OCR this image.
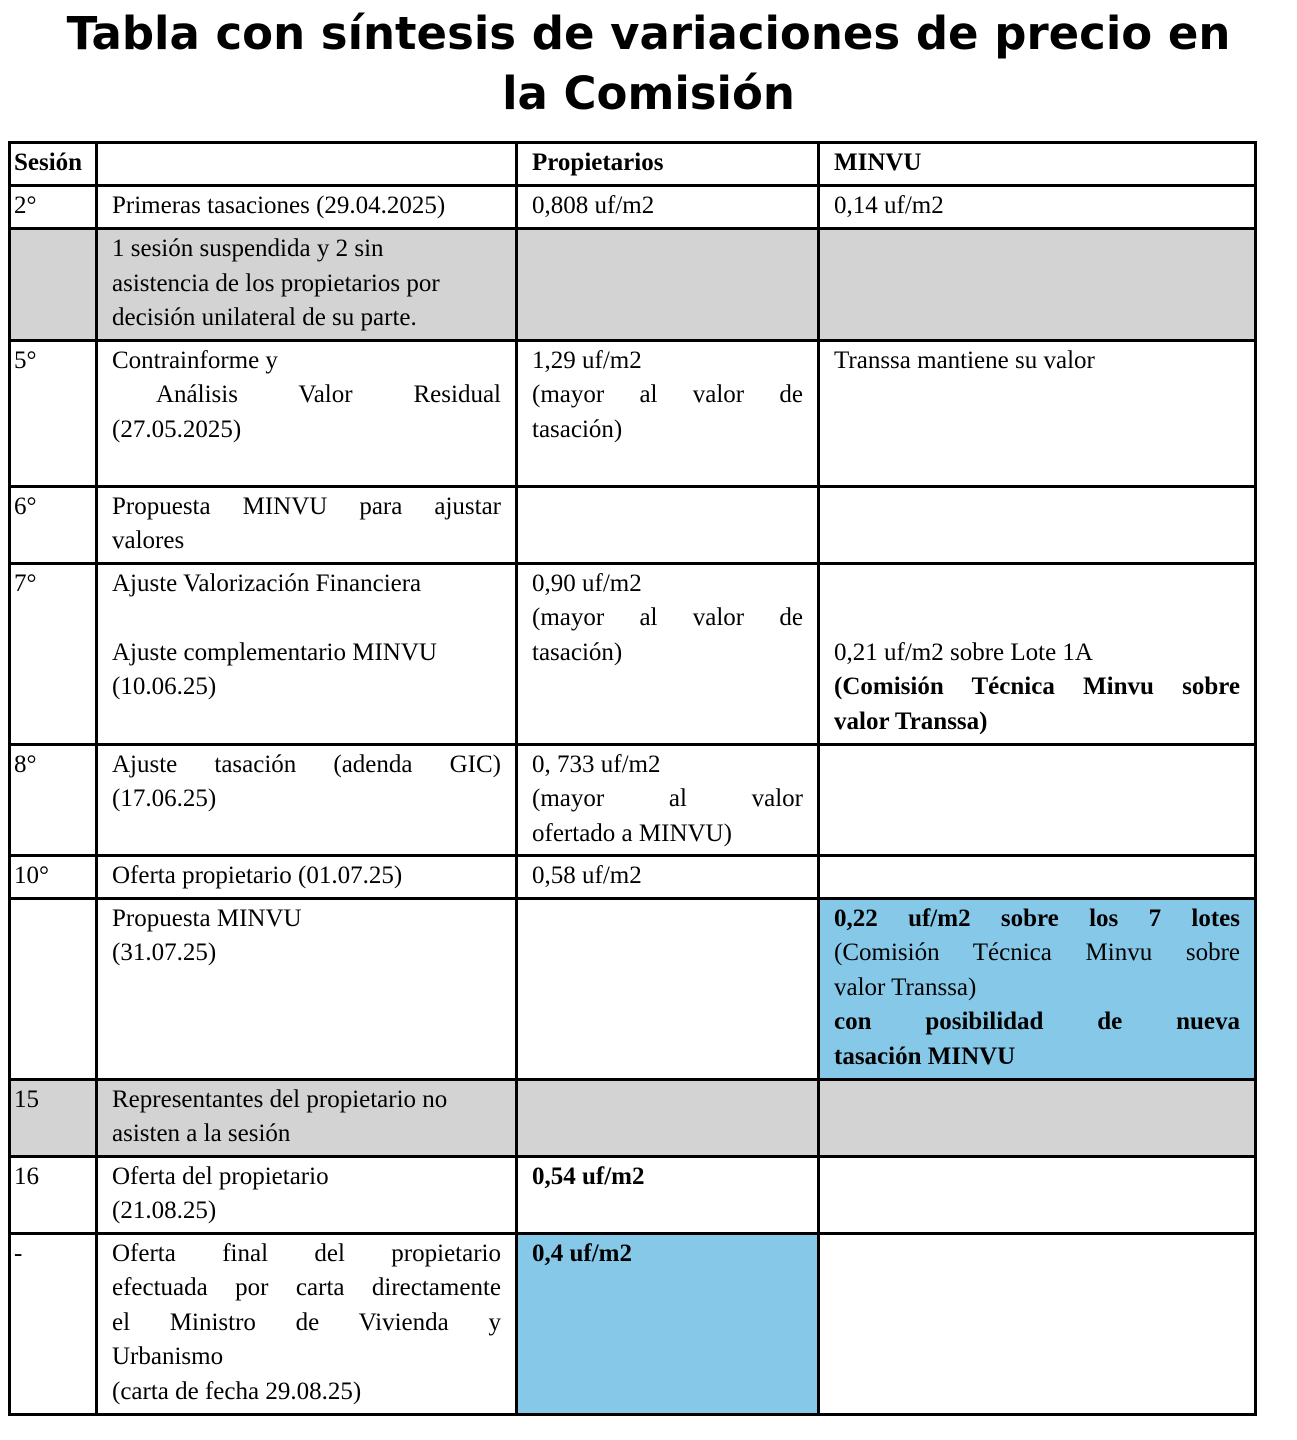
Tabla con síntesis de variaciones de precio en
la Comisión
Sesión		Propietarios	MINVU
2°	Primeras tasaciones (29.04.2025)	0,808 uf/m2	0,14 uf/m2

	1 sesión suspendida y 2 sin
asistencia de los propietarios por
decisión unilateral de su parte.		

5°	Contrainforme y
Análisis Valor Residual
(27.05.2025)	1,29 uf/m2
(mayor al valor de
tasación)	Transsa mantiene su valor

6°	Propuesta MINVU para ajustar
valores		

7°	Ajuste Valorización Financiera
Ajuste complementario MINVU
(10.06.25)	0,90 uf/m2
(mayor al valor de
tasación)	0,21 uf/m2 sobre Lote 1A
(Comisión Técnica Minvu sobre
valor Transsa)

8°	Ajuste tasación (adenda GIC)
(17.06.25)	0, 733 uf/m2
(mayor al valor
ofertado a MINVU)	

10°	Oferta propietario (01.07.25)	0,58 uf/m2	

	Propuesta MINVU
(31.07.25)		0,22 uf/m2 sobre los 7 lotes
(Comisión Técnica Minvu sobre
valor Transsa)
con posibilidad de nueva
tasación MINVU

15	Representantes del propietario no
asisten a la sesión		

16	Oferta del propietario
(21.08.25)	0,54 uf/m2	

-	Oferta final del propietario
efectuada por carta directamente
el Ministro de Vivienda y
Urbanismo
(carta de fecha 29.08.25)	0,4 uf/m2	
